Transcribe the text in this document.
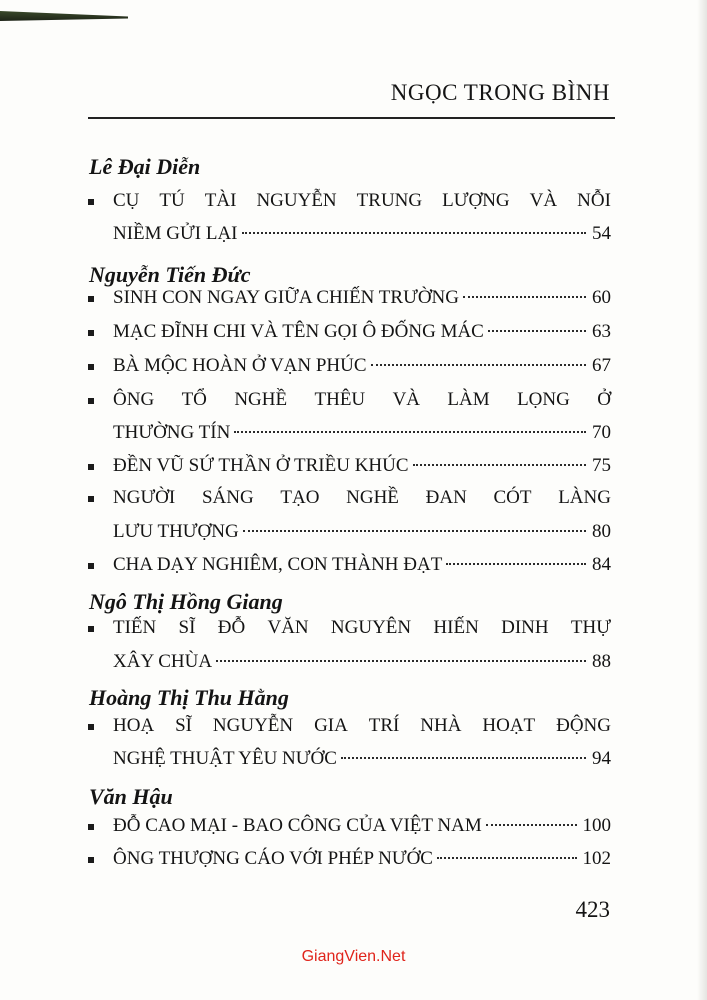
NGỌC TRONG BÌNH
Lê Đại Diễn
CỤ TÚ TÀI NGUYỄN TRUNG LƯỢNG VÀ NỖI
NIỀM GỬI LẠI	54
Nguyễn Tiến Đức
SINH CON NGAY GIỮA CHIẾN TRƯỜNG	60
MẠC ĐĨNH CHI VÀ TÊN GỌI Ô ĐỐNG MÁC	63
BÀ MỘC HOÀN Ở VẠN PHÚC	67
ÔNG TỔ NGHỀ THÊU VÀ LÀM LỌNG Ở
THƯỜNG TÍN	70
ĐỀN VŨ SỨ THẦN Ở TRIỀU KHÚC	75
NGƯỜI SÁNG TẠO NGHỀ ĐAN CÓT LÀNG
LƯU THƯỢNG	80
CHA DẠY NGHIÊM, CON THÀNH ĐẠT	84
Ngô Thị Hồng Giang
TIẾN SĨ ĐỖ VĂN NGUYÊN HIẾN DINH THỰ
XÂY CHÙA	88
Hoàng Thị Thu Hằng
HOẠ SĨ NGUYỄN GIA TRÍ NHÀ HOẠT ĐỘNG
NGHỆ THUẬT YÊU NƯỚC	94
Văn Hậu
ĐỖ CAO MẠI - BAO CÔNG CỦA VIỆT NAM	100
ÔNG THƯỢNG CÁO VỚI PHÉP NƯỚC	102
423
GiangVien.Net
